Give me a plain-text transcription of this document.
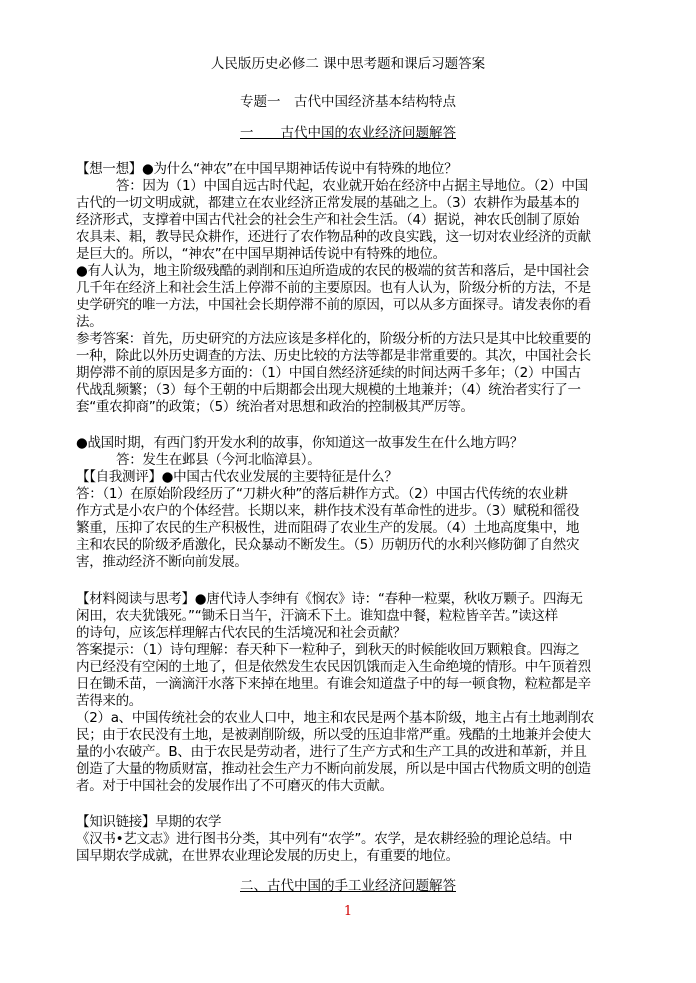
人民版历史必修二 课中思考题和课后习题答案
专题一　古代中国经济基本结构特点
一　　古代中国的农业经济问题解答
【想一想】●为什么“神农”在中国早期神话传说中有特殊的地位？
答：因为（1）中国自远古时代起，农业就开始在经济中占据主导地位。（2）中国
古代的一切文明成就，都建立在农业经济正常发展的基础之上。（3）农耕作为最基本的
经济形式，支撑着中国古代社会的社会生产和社会生活。（4）据说，神农氏创制了原始
农具耒、耜，教导民众耕作，还进行了农作物品种的改良实践，这一切对农业经济的贡献
是巨大的。所以，“神农”在中国早期神话传说中有特殊的地位。
●有人认为，地主阶级残酷的剥削和压迫所造成的农民的极端的贫苦和落后，是中国社会
几千年在经济上和社会生活上停滞不前的主要原因。也有人认为，阶级分析的方法，不是
史学研究的唯一方法，中国社会长期停滞不前的原因，可以从多方面探寻。请发表你的看
法。
参考答案：首先，历史研究的方法应该是多样化的，阶级分析的方法只是其中比较重要的
一种，除此以外历史调查的方法、历史比较的方法等都是非常重要的。其次，中国社会长
期停滞不前的原因是多方面的：（1）中国自然经济延续的时间达两千多年；（2）中国古
代战乱频繁；（3）每个王朝的中后期都会出现大规模的土地兼并；（4）统治者实行了一
套“重农抑商”的政策；（5）统治者对思想和政治的控制极其严厉等。
●战国时期，有西门豹开发水利的故事，你知道这一故事发生在什么地方吗？
答：发生在邺县（今河北临漳县）。
【【自我测评】●中国古代农业发展的主要特征是什么？
答：（1）在原始阶段经历了“刀耕火种”的落后耕作方式。（2）中国古代传统的农业耕
作方式是小农户的个体经营。长期以来，耕作技术没有革命性的进步。（3）赋税和徭役
繁重，压抑了农民的生产积极性，进而阻碍了农业生产的发展。（4）土地高度集中，地
主和农民的阶级矛盾激化，民众暴动不断发生。（5）历朝历代的水利兴修防御了自然灾
害，推动经济不断向前发展。
【材料阅读与思考】●唐代诗人李绅有《悯农》诗：“春种一粒粟，秋收万颗子。四海无
闲田，农夫犹饿死。”“锄禾日当午，汗滴禾下土。谁知盘中餐，粒粒皆辛苦。”读这样
的诗句，应该怎样理解古代农民的生活境况和社会贡献？
答案提示：（1）诗句理解：春天种下一粒种子，到秋天的时候能收回万颗粮食。四海之
内已经没有空闲的土地了，但是依然发生农民因饥饿而走入生命绝境的情形。中午顶着烈
日在锄禾苗，一滴滴汗水落下来掉在地里。有谁会知道盘子中的每一顿食物，粒粒都是辛
苦得来的。
（2）a、中国传统社会的农业人口中，地主和农民是两个基本阶级，地主占有土地剥削农
民；由于农民没有土地，是被剥削阶级，所以受的压迫非常严重。残酷的土地兼并会使大
量的小农破产。B、由于农民是劳动者，进行了生产方式和生产工具的改进和革新，并且
创造了大量的物质财富，推动社会生产力不断向前发展，所以是中国古代物质文明的创造
者。对于中国社会的发展作出了不可磨灭的伟大贡献。
【知识链接】早期的农学
《汉书•艺文志》进行图书分类，其中列有“农学”。农学，是农耕经验的理论总结。中
国早期农学成就，在世界农业理论发展的历史上，有重要的地位。
二、古代中国的手工业经济问题解答
1
